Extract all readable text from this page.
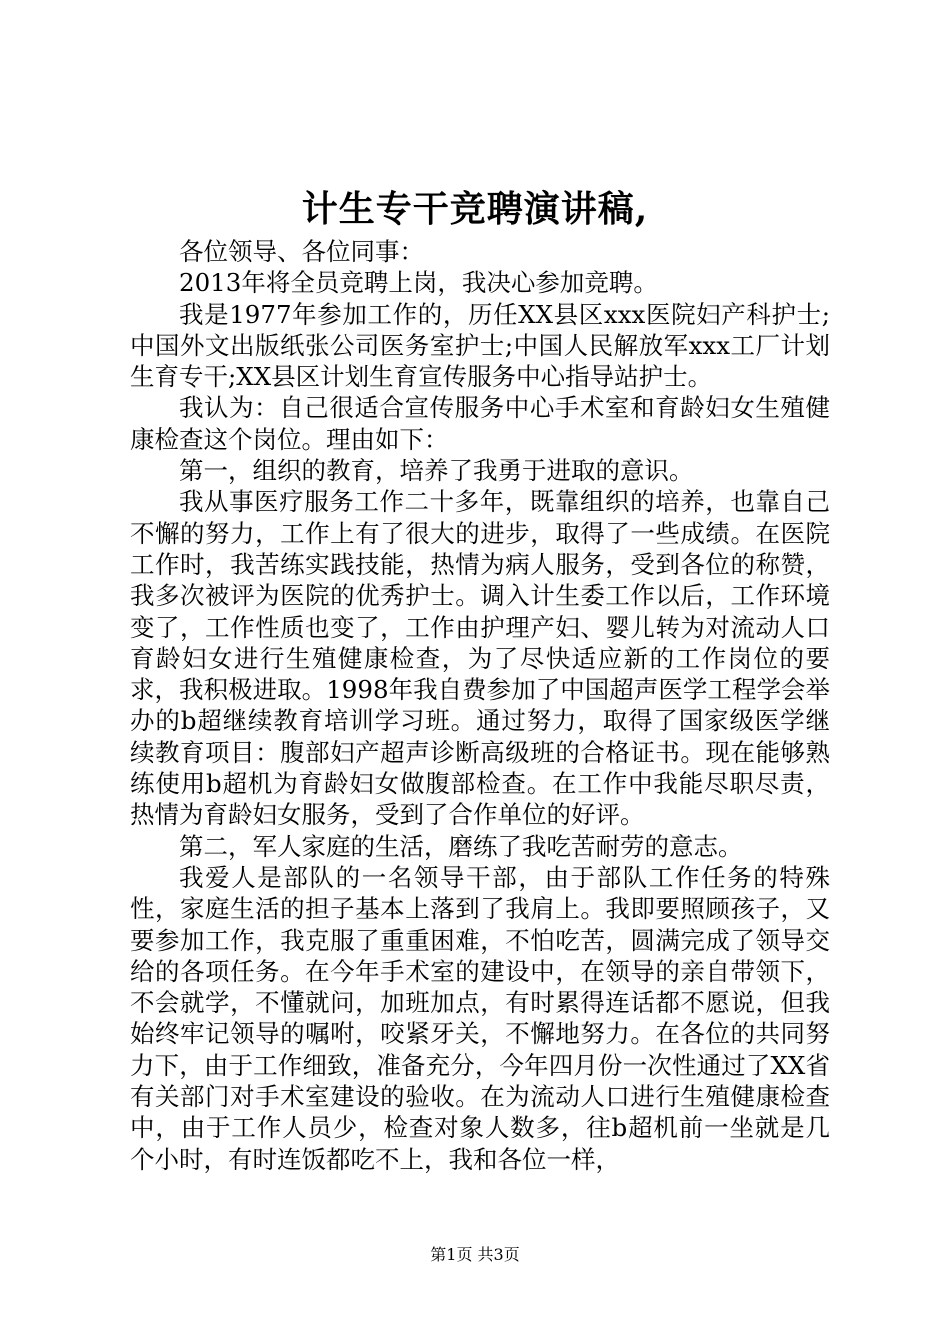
计生专干竞聘演讲稿,

各位领导、各位同事：

2013年将全员竞聘上岗，我决心参加竞聘。

我是1977年参加工作的，历任XX县区xxx医院妇产科护士;中国外文出版纸张公司医务室护士;中国人民解放军xxx工厂计划生育专干;XX县区计划生育宣传服务中心指导站护士。

我认为：自己很适合宣传服务中心手术室和育龄妇女生殖健康检查这个岗位。理由如下：

第一，组织的教育，培养了我勇于进取的意识。

我从事医疗服务工作二十多年，既靠组织的培养，也靠自己不懈的努力，工作上有了很大的进步，取得了一些成绩。在医院工作时，我苦练实践技能，热情为病人服务，受到各位的称赞，我多次被评为医院的优秀护士。调入计生委工作以后，工作环境变了，工作性质也变了，工作由护理产妇、婴儿转为对流动人口育龄妇女进行生殖健康检查，为了尽快适应新的工作岗位的要求，我积极进取。1998年我自费参加了中国超声医学工程学会举办的b超继续教育培训学习班。通过努力，取得了国家级医学继续教育项目：腹部妇产超声诊断高级班的合格证书。现在能够熟练使用b超机为育龄妇女做腹部检查。在工作中我能尽职尽责，热情为育龄妇女服务，受到了合作单位的好评。

第二，军人家庭的生活，磨练了我吃苦耐劳的意志。

我爱人是部队的一名领导干部，由于部队工作任务的特殊性，家庭生活的担子基本上落到了我肩上。我即要照顾孩子，又要参加工作，我克服了重重困难，不怕吃苦，圆满完成了领导交给的各项任务。在今年手术室的建设中，在领导的亲自带领下，不会就学，不懂就问，加班加点，有时累得连话都不愿说，但我始终牢记领导的嘱咐，咬紧牙关，不懈地努力。在各位的共同努力下，由于工作细致，准备充分，今年四月份一次性通过了XX省有关部门对手术室建设的验收。在为流动人口进行生殖健康检查中，由于工作人员少，检查对象人数多，往b超机前一坐就是几个小时，有时连饭都吃不上，我和各位一样，

第1页 共3页
